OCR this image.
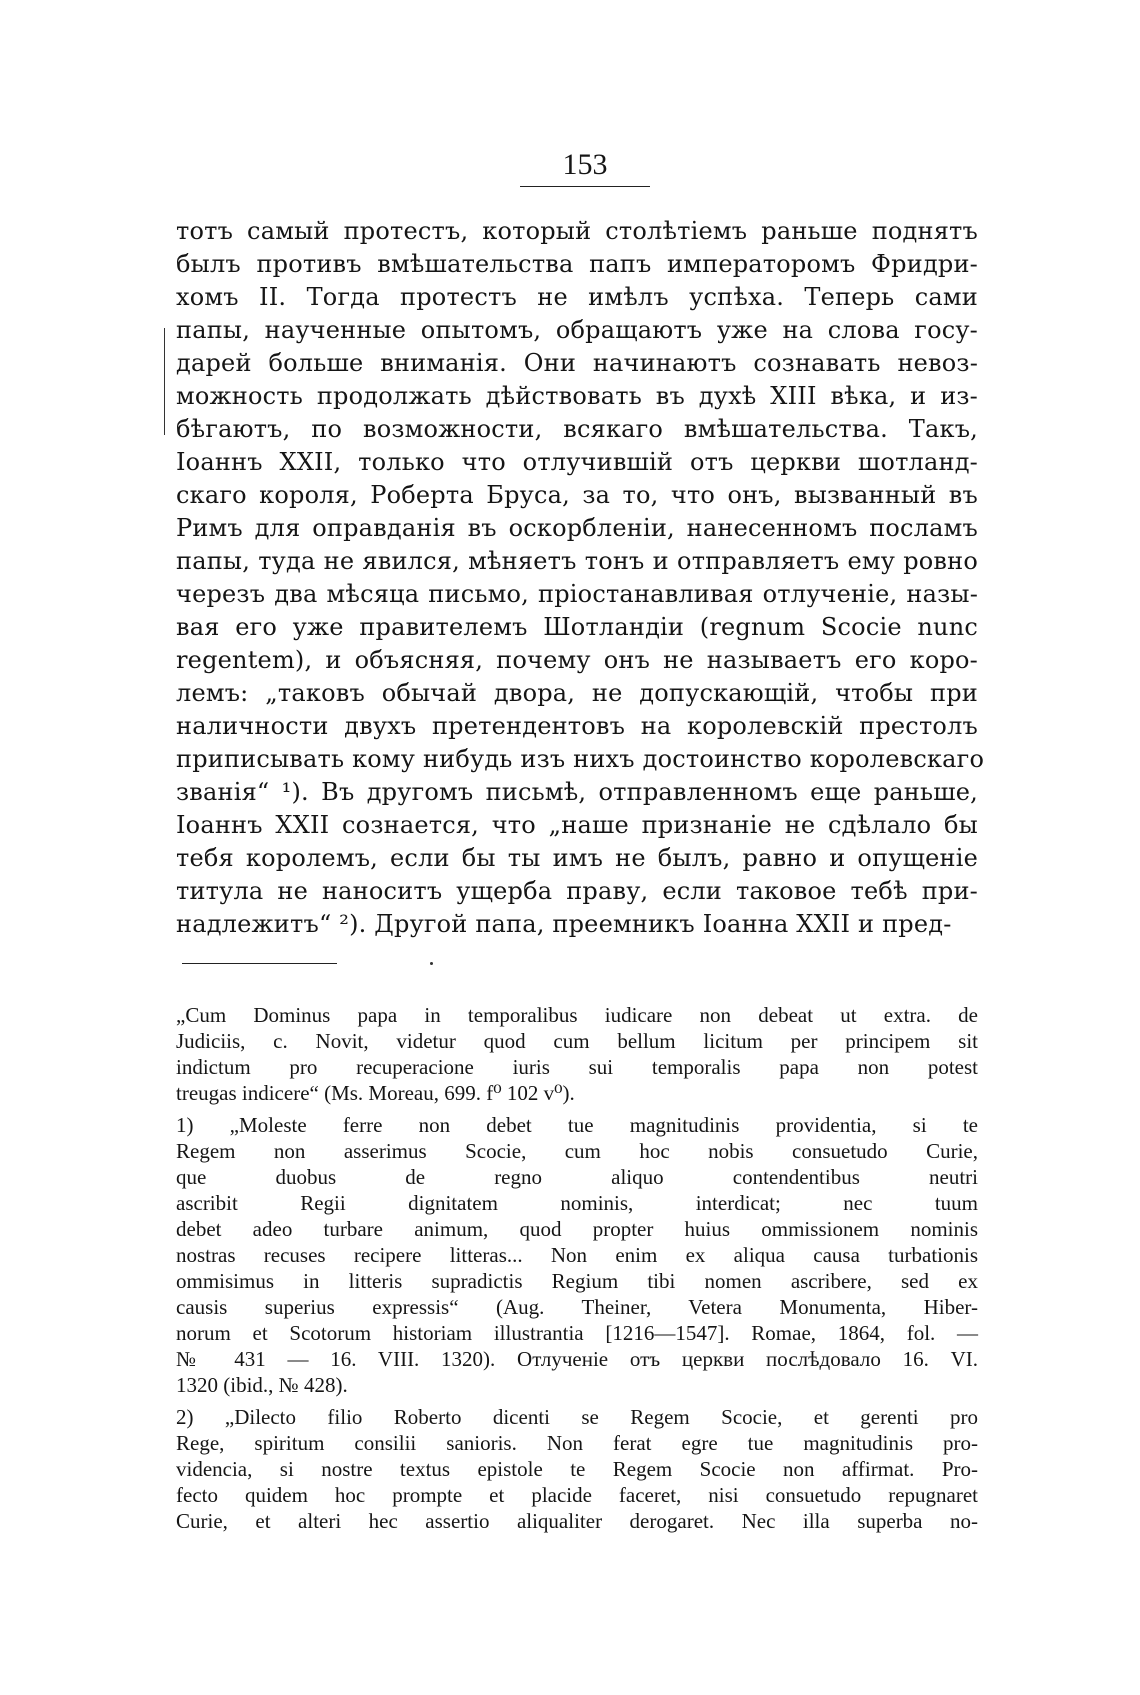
153
тотъ самый протестъ, который столѣтіемъ раньше поднятъ
былъ противъ вмѣшательства папъ императоромъ Фридри-
хомъ II. Тогда протестъ не имѣлъ успѣха. Теперь сами
папы, наученные опытомъ, обращаютъ уже на слова госу-
дарей больше вниманія. Они начинаютъ сознавать невоз-
можность продолжать дѣйствовать въ духѣ XIII вѣка, и из-
бѣгаютъ, по возможности, всякаго вмѣшательства. Такъ,
Іоаннъ XXII, только что отлучившій отъ церкви шотланд-
скаго короля, Роберта Бруса, за то, что онъ, вызванный въ
Римъ для оправданія въ оскорбленіи, нанесенномъ посламъ
папы, туда не явился, мѣняетъ тонъ и отправляетъ ему ровно
черезъ два мѣсяца письмо, пріостанавливая отлученіе, назы-
вая его уже правителемъ Шотландіи (regnum Scocie nunc
regentem), и объясняя, почему онъ не называетъ его коро-
лемъ: „таковъ обычай двора, не допускающій, чтобы при
наличности двухъ претендентовъ на королевскій престолъ
приписывать кому нибудь изъ нихъ достоинство королевскаго
званія“ ¹). Въ другомъ письмѣ, отправленномъ еще раньше,
Іоаннъ XXII сознается, что „наше признаніе не сдѣлало бы
тебя королемъ, если бы ты имъ не былъ, равно и опущеніе
титула не наноситъ ущерба праву, если таковое тебѣ при-
надлежитъ“ ²). Другой папа, преемникъ Іоанна XXII и пред-
„Cum Dominus papa in temporalibus iudicare non debeat ut extra. de
Judiciis, c. Novit, videtur quod cum bellum licitum per principem sit
indictum pro recuperacione iuris sui temporalis papa non potest
treugas indicere“ (Ms. Moreau, 699. f⁰ 102 v⁰).
1) „Moleste ferre non debet tue magnitudinis providentia, si te
Regem non asserimus Scocie, cum hoc nobis consuetudo Curie,
que duobus de regno aliquo contendentibus neutri
ascribit Regii dignitatem nominis, interdicat; nec tuum
debet adeo turbare animum, quod propter huius ommissionem nominis
nostras recuses recipere litteras... Non enim ex aliqua causa turbationis
ommisimus in litteris supradictis Regium tibi nomen ascribere, sed ex
causis superius expressis“ (Aug. Theiner, Vetera Monumenta, Hiber-
norum et Scotorum historiam illustrantia [1216—1547]. Romae, 1864, fol. —
№ 431 — 16. VIII. 1320). Отлученіе отъ церкви послѣдовало 16. VI.
1320 (ibid., № 428).
2) „Dilecto filio Roberto dicenti se Regem Scocie, et gerenti pro
Rege, spiritum consilii sanioris. Non ferat egre tue magnitudinis pro-
videncia, si nostre textus epistole te Regem Scocie non affirmat. Pro-
fecto quidem hoc prompte et placide faceret, nisi consuetudo repugnaret
Curie, et alteri hec assertio aliqualiter derogaret. Nec illa superba no-
